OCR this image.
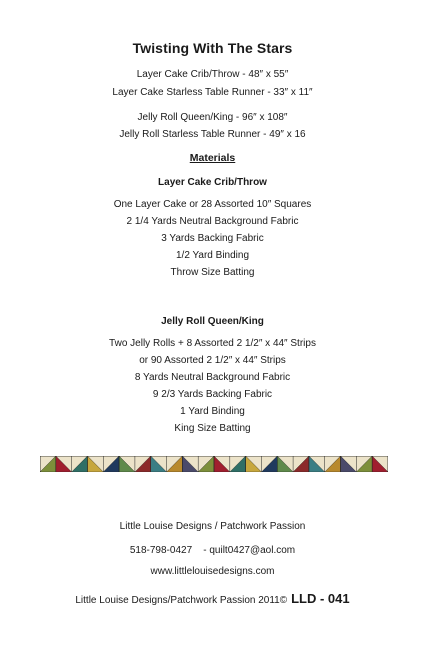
Twisting With The Stars
Layer Cake Crib/Throw - 48″ x 55″
Layer Cake Starless Table Runner - 33″ x 11″
Jelly Roll Queen/King - 96″ x 108″
Jelly Roll Starless Table Runner - 49″ x 16
Materials
Layer Cake Crib/Throw
One Layer Cake or 28 Assorted 10″ Squares
2 1/4 Yards Neutral Background Fabric
3 Yards Backing Fabric
1/2 Yard Binding
Throw Size Batting
Jelly Roll Queen/King
Two Jelly Rolls + 8 Assorted 2 1/2″ x 44″ Strips
or 90 Assorted 2 1/2″ x 44″ Strips
8 Yards Neutral Background Fabric
9 2/3 Yards Backing Fabric
1 Yard Binding
King Size Batting
Little Louise Designs / Patchwork Passion
518-798-0427    - quilt0427@aol.com
www.littlelouisedesigns.com
Little Louise Designs/Patchwork Passion 2011© LLD - 041
